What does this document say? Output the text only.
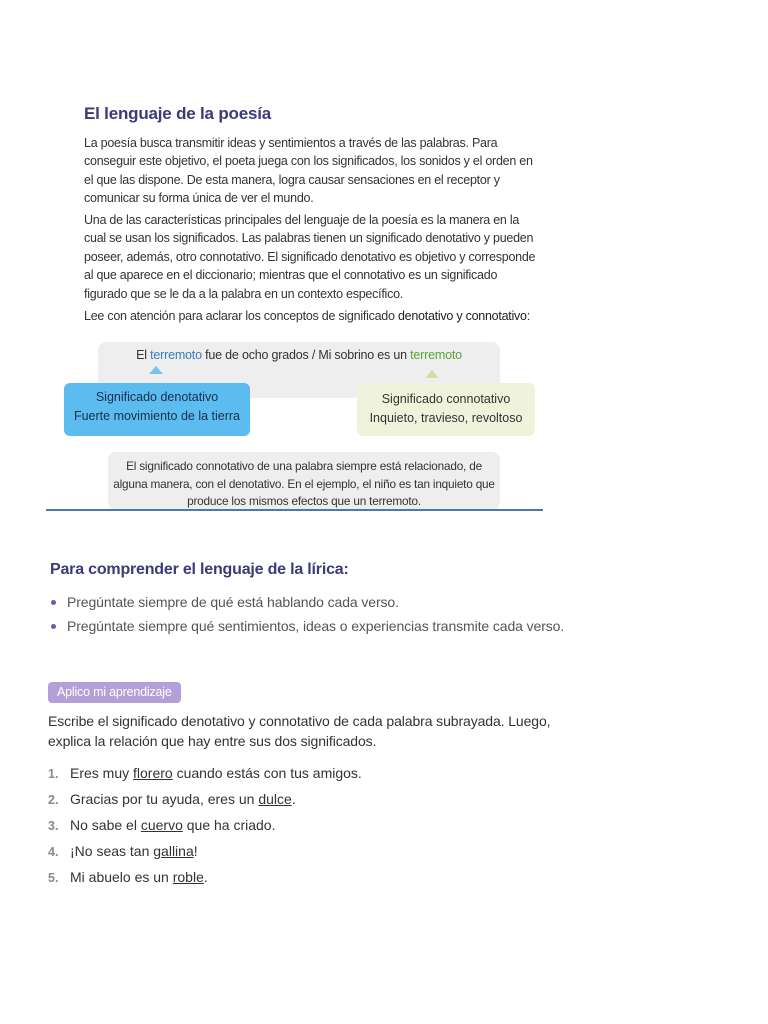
El lenguaje de la poesía

La poesía busca transmitir ideas y sentimientos a través de las palabras. Para conseguir este objetivo, el poeta juega con los significados, los sonidos y el orden en el que las dispone. De esta manera, logra causar sensaciones en el receptor y comunicar su forma única de ver el mundo.

Una de las características principales del lenguaje de la poesía es la manera en la cual se usan los significados. Las palabras tienen un significado denotativo y pueden poseer, además, otro connotativo. El significado denotativo es objetivo y corresponde al que aparece en el diccionario; mientras que el connotativo es un significado figurado que se le da a la palabra en un contexto específico.

Lee con atención para aclarar los conceptos de significado denotativo y connotativo:

El terremoto fue de ocho grados / Mi sobrino es un terremoto
Significado denotativo
Fuerte movimiento de la tierra
Significado connotativo
Inquieto, travieso, revoltoso
El significado connotativo de una palabra siempre está relacionado, de alguna manera, con el denotativo. En el ejemplo, el niño es tan inquieto que produce los mismos efectos que un terremoto.
Para comprender el lenguaje de la lírica:
Pregúntate siempre de qué está hablando cada verso.
Pregúntate siempre qué sentimientos, ideas o experiencias transmite cada verso.
Aplico mi aprendizaje

Escribe el significado denotativo y connotativo de cada palabra subrayada. Luego, explica la relación que hay entre sus dos significados.

1. Eres muy florero cuando estás con tus amigos.
2. Gracias por tu ayuda, eres un dulce.
3. No sabe el cuervo que ha criado.
4. ¡No seas tan gallina!
5. Mi abuelo es un roble.
